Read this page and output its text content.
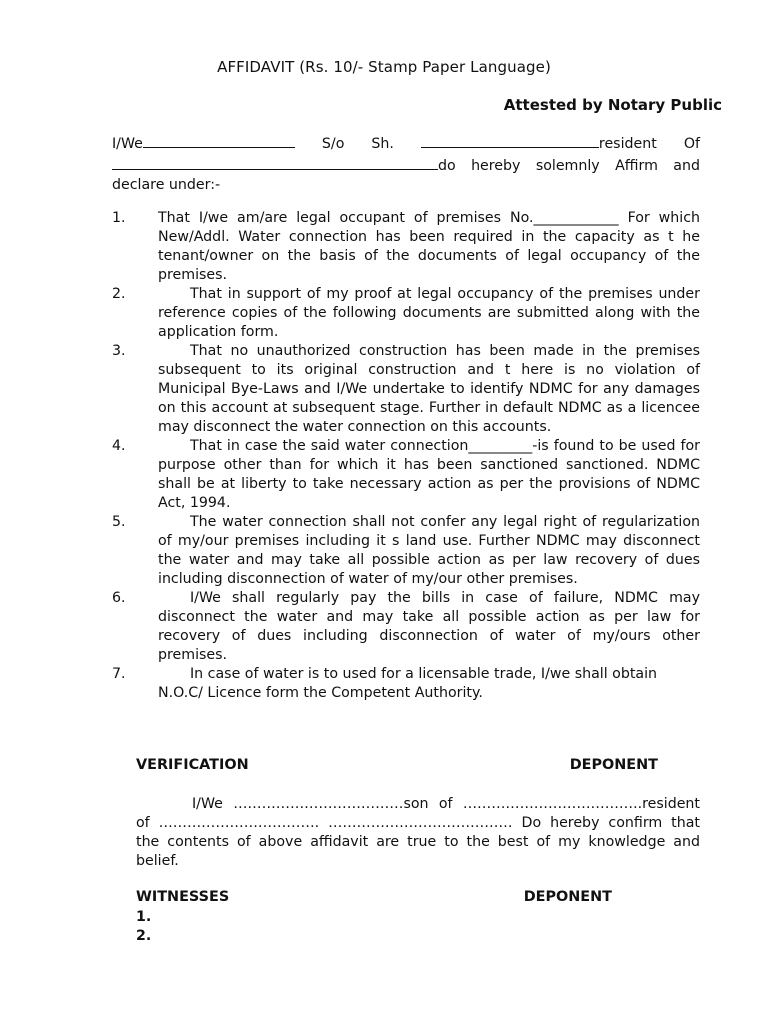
AFFIDAVIT (Rs. 10/- Stamp Paper Language)
Attested by Notary Public
I/We	S/o Sh.	resident Of
do hereby solemnly Affirm and
declare under:-
1.	That I/we am/are legal occupant of premises No.____________ For which New/Addl. Water connection has been required in the capacity as t he tenant/owner on the basis of the documents of legal occupancy of the premises.
2.	That in support of my proof at legal occupancy of the premises under reference copies of the following documents are submitted along with the application form.
3.	That no unauthorized construction has been made in the premises subsequent to its original construction and t here is no violation of Municipal Bye-Laws and I/We undertake to identify NDMC for any damages on this account at subsequent stage. Further in default NDMC as a licencee may disconnect the water connection on this accounts.
4.	That in case the said water connection_________-is found to be used for purpose other than for which it has been sanctioned sanctioned. NDMC shall be at liberty to take necessary action as per the provisions of NDMC Act, 1994.
5.	The water connection shall not confer any legal right of regularization of my/our premises including it s land use. Further NDMC may disconnect the water and may take all possible action as per law recovery of dues including disconnection of water of my/our other premises.
6.	I/We shall regularly pay the bills in case of failure, NDMC may disconnect the water and may take all possible action as per law for recovery of dues including disconnection of water of my/ours other premises.
7.	In case of water is to used for a licensable trade, I/we shall obtain N.O.C/ Licence form the Competent Authority.
VERIFICATION	DEPONENT
I/We ………………………………son of ………………………………..resident of ……………………………. ………………………………… Do hereby confirm that the contents of above affidavit are true to the best of my knowledge and belief.
WITNESSES	DEPONENT
1.
2.
